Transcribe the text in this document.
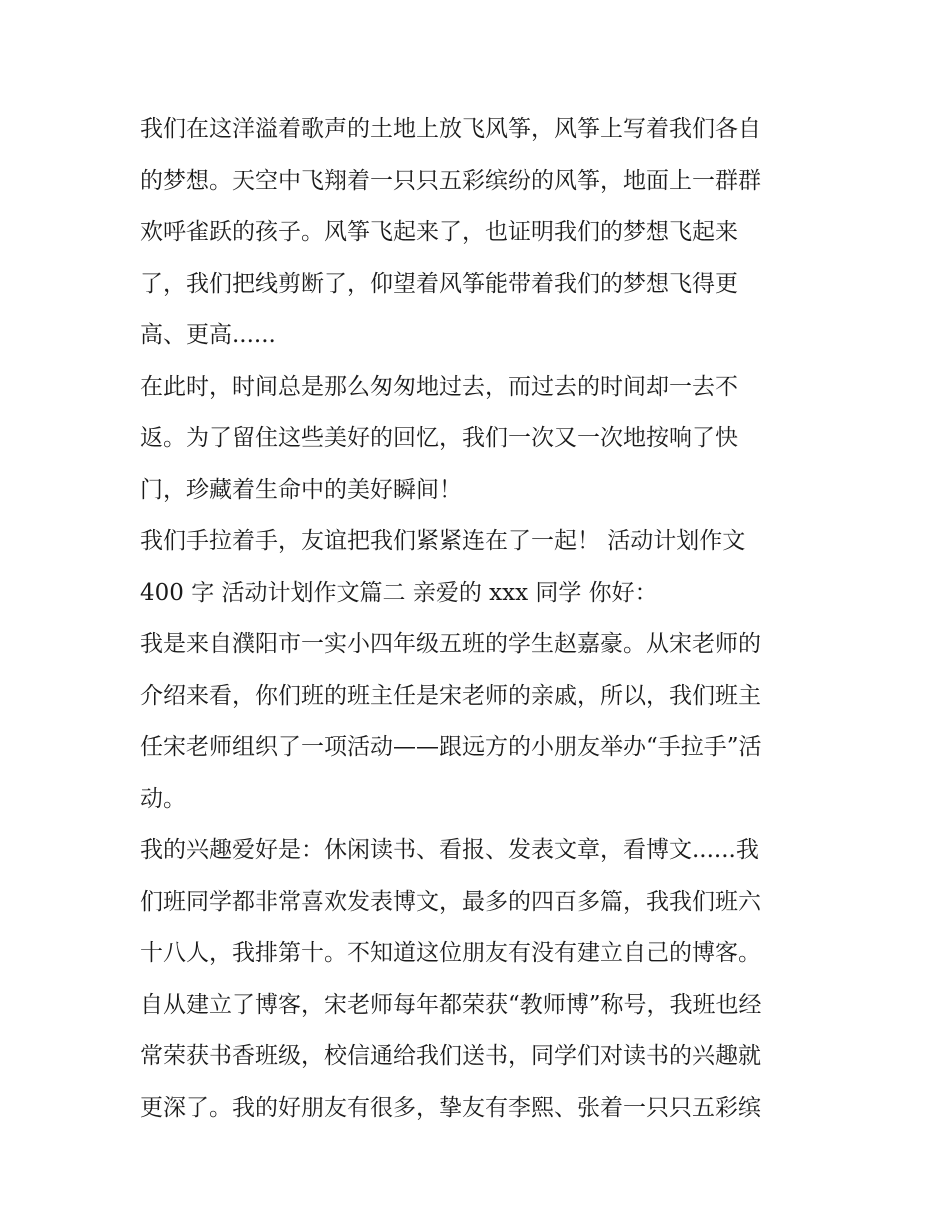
我们在这洋溢着歌声的土地上放飞风筝，风筝上写着我们各自
的梦想。天空中飞翔着一只只五彩缤纷的风筝，地面上一群群
欢呼雀跃的孩子。风筝飞起来了，也证明我们的梦想飞起来
了，我们把线剪断了，仰望着风筝能带着我们的梦想飞得更
高、更高......
在此时，时间总是那么匆匆地过去，而过去的时间却一去不
返。为了留住这些美好的回忆，我们一次又一次地按响了快
门，珍藏着生命中的美好瞬间！
我们手拉着手，友谊把我们紧紧连在了一起！ 活动计划作文
400 字 活动计划作文篇二 亲爱的 xxx 同学 你好：
我是来自濮阳市一实小四年级五班的学生赵嘉豪。从宋老师的
介绍来看，你们班的班主任是宋老师的亲戚，所以，我们班主
任宋老师组织了一项活动——跟远方的小朋友举办“手拉手”活
动。
我的兴趣爱好是：休闲读书、看报、发表文章，看博文......我
们班同学都非常喜欢发表博文，最多的四百多篇，我我们班六
十八人，我排第十。不知道这位朋友有没有建立自己的博客。
自从建立了博客，宋老师每年都荣获“教师博”称号，我班也经
常荣获书香班级，校信通给我们送书，同学们对读书的兴趣就
更深了。我的好朋友有很多，挚友有李熙、张着一只只五彩缤
